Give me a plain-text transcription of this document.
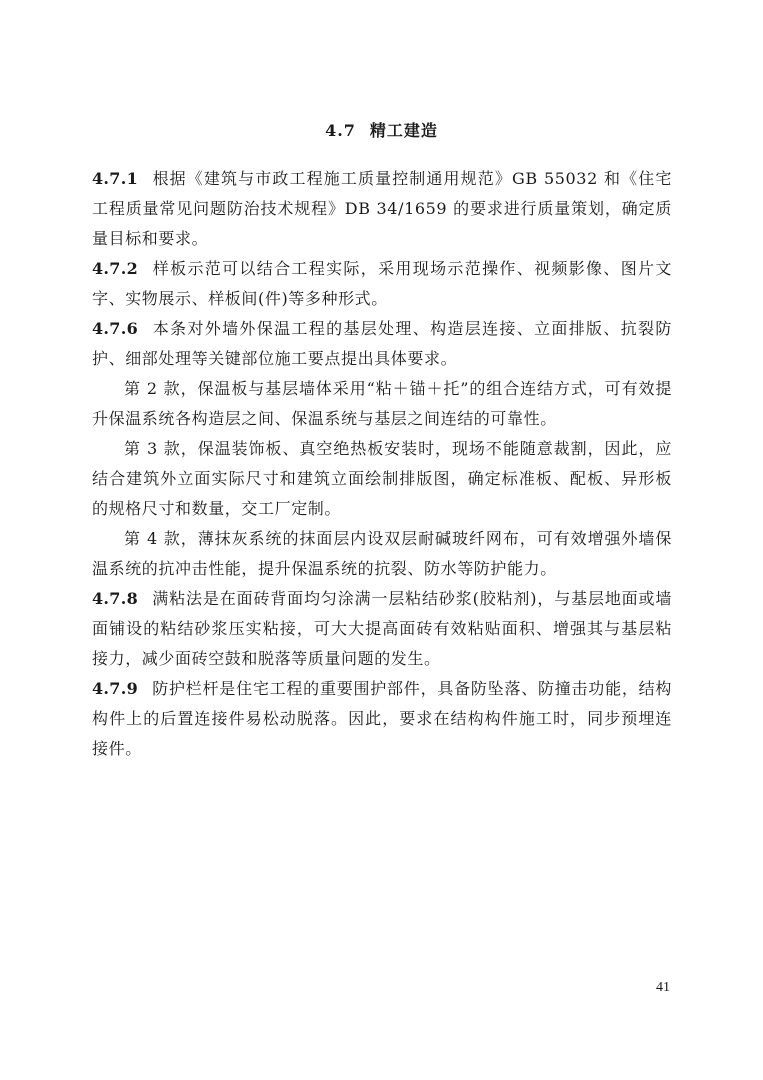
4.7 精工建造

4.7.1 根据《建筑与市政工程施工质量控制通用规范》GB 55032 和《住宅工程质量常见问题防治技术规程》DB 34/1659 的要求进行质量策划，确定质量目标和要求。

4.7.2 样板示范可以结合工程实际，采用现场示范操作、视频影像、图片文字、实物展示、样板间(件)等多种形式。

4.7.6 本条对外墙外保温工程的基层处理、构造层连接、立面排版、抗裂防护、细部处理等关键部位施工要点提出具体要求。

第 2 款，保温板与基层墙体采用“粘＋锚＋托”的组合连结方式，可有效提升保温系统各构造层之间、保温系统与基层之间连结的可靠性。

第 3 款，保温装饰板、真空绝热板安装时，现场不能随意裁割，因此，应结合建筑外立面实际尺寸和建筑立面绘制排版图，确定标准板、配板、异形板的规格尺寸和数量，交工厂定制。

第 4 款，薄抹灰系统的抹面层内设双层耐碱玻纤网布，可有效增强外墙保温系统的抗冲击性能，提升保温系统的抗裂、防水等防护能力。

4.7.8 满粘法是在面砖背面均匀涂满一层粘结砂浆(胶粘剂)，与基层地面或墙面铺设的粘结砂浆压实粘接，可大大提高面砖有效粘贴面积、增强其与基层粘接力，减少面砖空鼓和脱落等质量问题的发生。

4.7.9 防护栏杆是住宅工程的重要围护部件，具备防坠落、防撞击功能，结构构件上的后置连接件易松动脱落。因此，要求在结构构件施工时，同步预埋连接件。

41
